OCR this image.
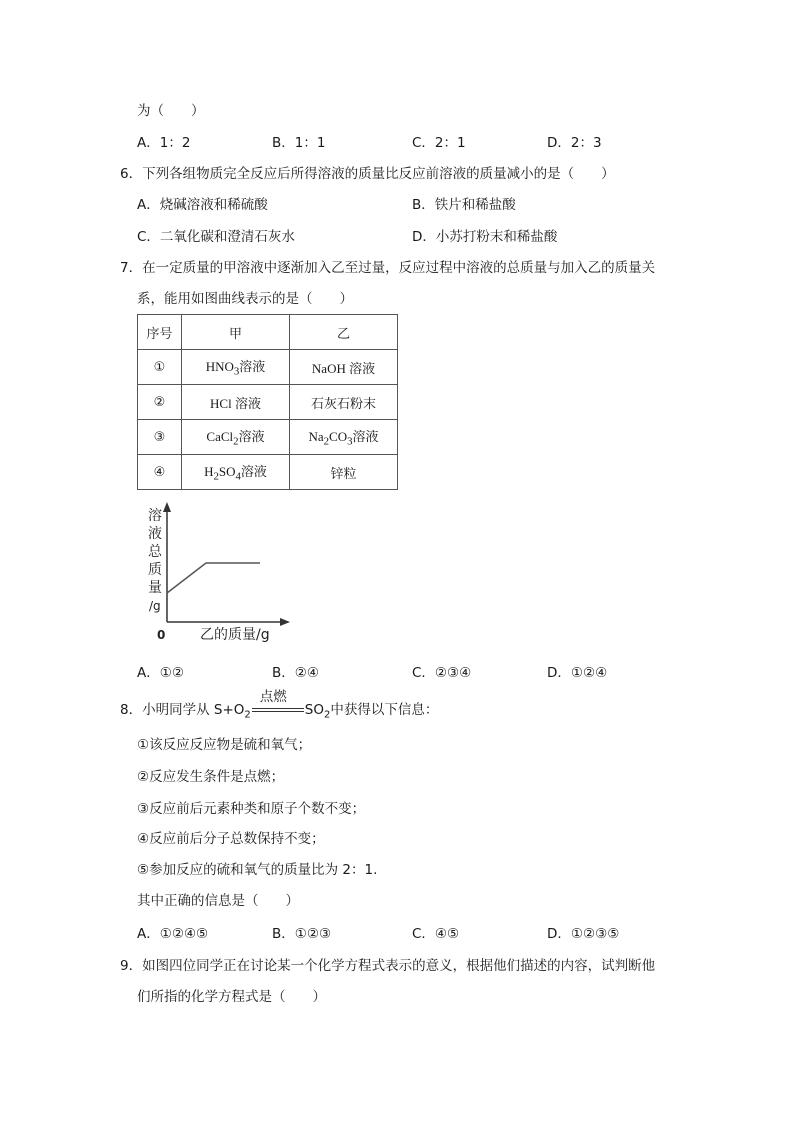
为（　　）
A．1：2	B．1：1	C．2：1	D．2：3
6．下列各组物质完全反应后所得溶液的质量比反应前溶液的质量减小的是（　　）
A．烧碱溶液和稀硫酸	B．铁片和稀盐酸
C．二氧化碳和澄清石灰水	D．小苏打粉末和稀盐酸
7．在一定质量的甲溶液中逐渐加入乙至过量，反应过程中溶液的总质量与加入乙的质量关
系，能用如图曲线表示的是（　　）
序号	甲	乙
①	$HNO_3$溶液	NaOH 溶液
②	HCl 溶液	石灰石粉末
③	CaCl$_2$溶液	$Na_2CO_3$溶液
④	$H_2SO_4$溶液	锌粒
溶
液
总
质
量
/g
0 乙的质量/g
A．①②	B．②④	C．②③④	D．①②④
8．小明同学从 $S+O_2$
点燃
$SO_2$中获得以下信息：
①该反应反应物是硫和氧气；
②反应发生条件是点燃；
③反应前后元素种类和原子个数不变；
④反应前后分子总数保持不变；
⑤参加反应的硫和氧气的质量比为 2：1.
其中正确的信息是（　　）
A．①②④⑤	B．①②③	C．④⑤	D．①②③⑤
9．如图四位同学正在讨论某一个化学方程式表示的意义，根据他们描述的内容，试判断他
们所指的化学方程式是（　　）
